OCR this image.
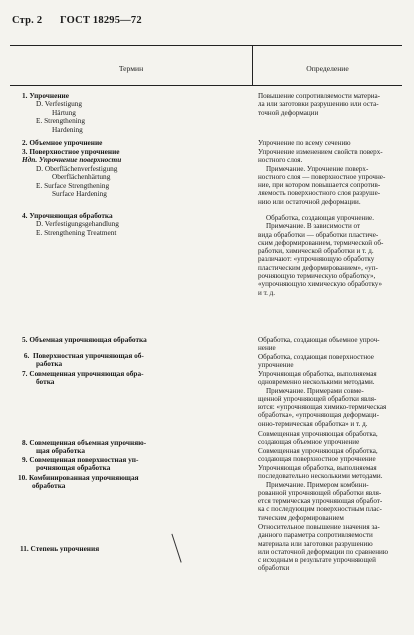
Стр. 2 ГОСТ 18295—72
Термин	Определение
1. Упрочнение
D. Verfestigung
Härtung
E. Strengthening
Hardening
2. Объемное упрочнение
3. Поверхностное упрочнение
Ндп. Упрочнение поверхности
D. Oberflächenverfestigung
Oberflächenhärtung
E. Surface Strengthening
Surface Hardening
4. Упрочняющая обработка
D. Verfestigungsgehandlung
E. Strengthening Treatment
5. Объемная упрочняющая обработка
6. Поверхностная упрочняющая об-
работка
7. Совмещенная упрочняющая обра-
ботка
8. Совмещенная объемная упрочняю-
щая обработка
9. Совмещенная поверхностная уп-
рочняющая обработка
10. Комбинированная упрочняющая
обработка
11. Степень упрочнения

Повышение сопротивляемости материа-

ла или заготовки разрушению или оста-

точной деформации

Упрочнение по всему сечению

Упрочнение изменением свойств поверх-

ностного слоя.

Примечание. Упрочнение поверх-

ностного слоя — поверхностное упрочне-

ние, при котором повышается сопротив-

ляемость поверхностного слоя разруше-

нию или остаточной деформации.

Обработка, создающая упрочнение.

Примечание. В зависимости от

вида обработки — обработки пластиче-

ским деформированием, термической об-

работки, химической обработки и т. д.

различают: «упрочняющую обработку

пластическим деформированием», «уп-

рочняющую термическую обработку»,

«упрочняющую химическую обработку»

и т. д.

Обработка, создающая объемное упроч-

нение

Обработка, создающая поверхностное

упрочнение

Упрочняющая обработка, выполняемая

одновременно несколькими методами.

Примечание. Примерами совме-

щенной упрочняющей обработки явля-

ются: «упрочняющая химико-термическая

обработка», «упрочняющая деформаци-

онно-термическая обработка» и т. д.

Совмещенная упрочняющая обработка,

создающая объемное упрочнение

Совмещенная упрочняющая обработка,

создающая поверхностное упрочнение

Упрочняющая обработка, выполняемая

последовательно несколькими методами.

Примечание. Примером комбини-

рованной упрочняющей обработки явля-

ется термическая упрочняющая обработ-

ка с последующим поверхностным плас-

тическим деформированием

Относительное повышение значения за-

данного параметра сопротивляемости

материала или заготовки разрушению

или остаточной деформации по сравнению

с исходным в результате упрочняющей

обработки
